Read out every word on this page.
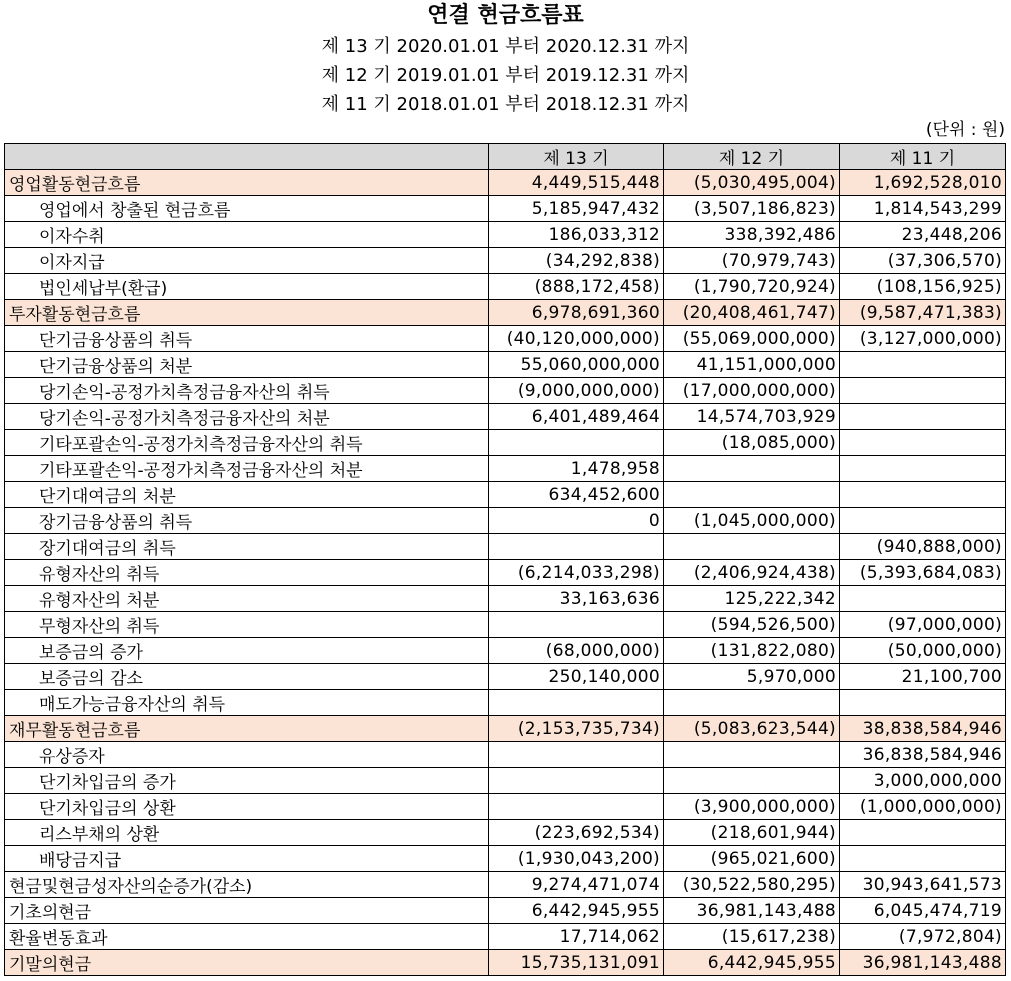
연결 현금흐름표
제 13 기 2020.01.01 부터 2020.12.31 까지
제 12 기 2019.01.01 부터 2019.12.31 까지
제 11 기 2018.01.01 부터 2018.12.31 까지
(단위 : 원)
	제 13 기	제 12 기	제 11 기
영업활동현금흐름	4,449,515,448	(5,030,495,004)	1,692,528,010
영업에서 창출된 현금흐름	5,185,947,432	(3,507,186,823)	1,814,543,299
이자수취	186,033,312	338,392,486	23,448,206
이자지급	(34,292,838)	(70,979,743)	(37,306,570)
법인세납부(환급)	(888,172,458)	(1,790,720,924)	(108,156,925)
투자활동현금흐름	6,978,691,360	(20,408,461,747)	(9,587,471,383)
단기금융상품의 취득	(40,120,000,000)	(55,069,000,000)	(3,127,000,000)
단기금융상품의 처분	55,060,000,000	41,151,000,000	
당기손익-공정가치측정금융자산의 취득	(9,000,000,000)	(17,000,000,000)	
당기손익-공정가치측정금융자산의 처분	6,401,489,464	14,574,703,929	
기타포괄손익-공정가치측정금융자산의 취득		(18,085,000)	
기타포괄손익-공정가치측정금융자산의 처분	1,478,958		
단기대여금의 처분	634,452,600		
장기금융상품의 취득	0	(1,045,000,000)	
장기대여금의 취득			(940,888,000)
유형자산의 취득	(6,214,033,298)	(2,406,924,438)	(5,393,684,083)
유형자산의 처분	33,163,636	125,222,342	
무형자산의 취득		(594,526,500)	(97,000,000)
보증금의 증가	(68,000,000)	(131,822,080)	(50,000,000)
보증금의 감소	250,140,000	5,970,000	21,100,700
매도가능금융자산의 취득			
재무활동현금흐름	(2,153,735,734)	(5,083,623,544)	38,838,584,946
유상증자			36,838,584,946
단기차입금의 증가			3,000,000,000
단기차입금의 상환		(3,900,000,000)	(1,000,000,000)
리스부채의 상환	(223,692,534)	(218,601,944)	
배당금지급	(1,930,043,200)	(965,021,600)	
현금및현금성자산의순증가(감소)	9,274,471,074	(30,522,580,295)	30,943,641,573
기초의현금	6,442,945,955	36,981,143,488	6,045,474,719
환율변동효과	17,714,062	(15,617,238)	(7,972,804)
기말의현금	15,735,131,091	6,442,945,955	36,981,143,488
